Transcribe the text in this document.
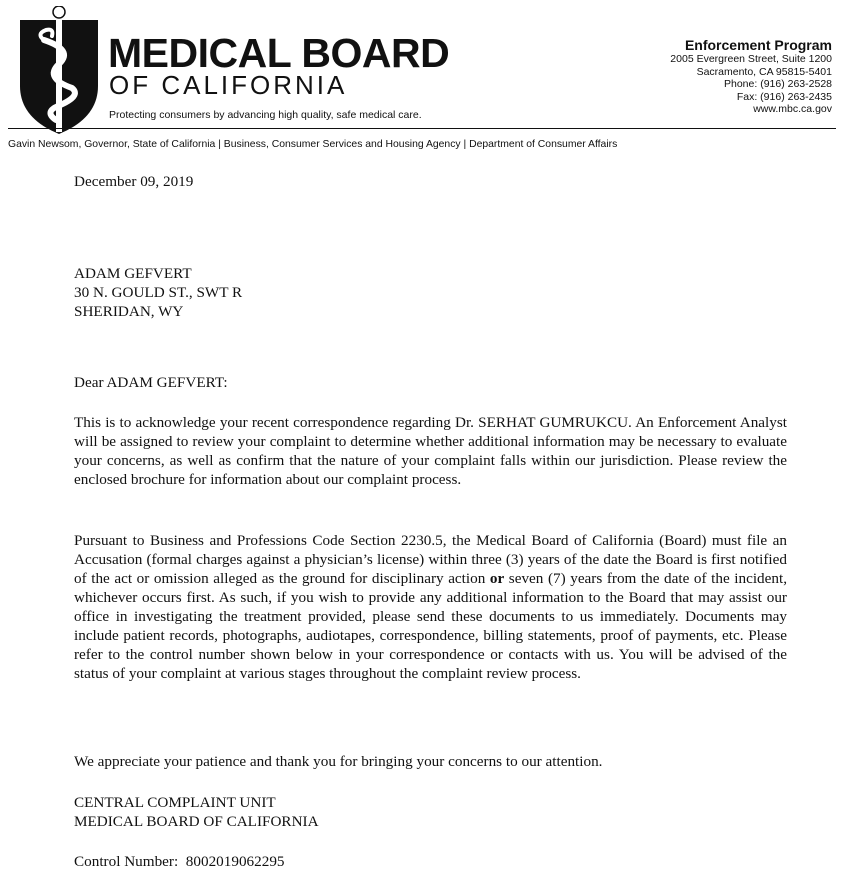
MEDICAL BOARD
OF CALIFORNIA
Protecting consumers by advancing high quality, safe medical care.
Enforcement Program
2005 Evergreen Street, Suite 1200
Sacramento, CA 95815-5401
Phone: (916) 263-2528
Fax: (916) 263-2435
www.mbc.ca.gov
Gavin Newsom, Governor, State of California | Business, Consumer Services and Housing Agency | Department of Consumer Affairs
December 09, 2019

ADAM GEFVERT

30 N. GOULD ST., SWT R

SHERIDAN, WY

Dear ADAM GEFVERT:
This is to acknowledge your recent correspondence regarding Dr. SERHAT GUMRUKCU. An Enforcement Analyst will be assigned to review your complaint to determine whether additional information may be necessary to evaluate your concerns, as well as confirm that the nature of your complaint falls within our jurisdiction. Please review the enclosed brochure for information about our complaint process.
Pursuant to Business and Professions Code Section 2230.5, the Medical Board of California (Board) must file an Accusation (formal charges against a physician’s license) within three (3) years of the date the Board is first notified of the act or omission alleged as the ground for disciplinary action or seven (7) years from the date of the incident, whichever occurs first. As such, if you wish to provide any additional information to the Board that may assist our office in investigating the treatment provided, please send these documents to us immediately. Documents may include patient records, photographs, audiotapes, correspondence, billing statements, proof of payments, etc. Please refer to the control number shown below in your correspondence or contacts with us. You will be advised of the status of your complaint at various stages throughout the complaint review process.
We appreciate your patience and thank you for bringing your concerns to our attention.

CENTRAL COMPLAINT UNIT

MEDICAL BOARD OF CALIFORNIA

Control Number: 8002019062295
